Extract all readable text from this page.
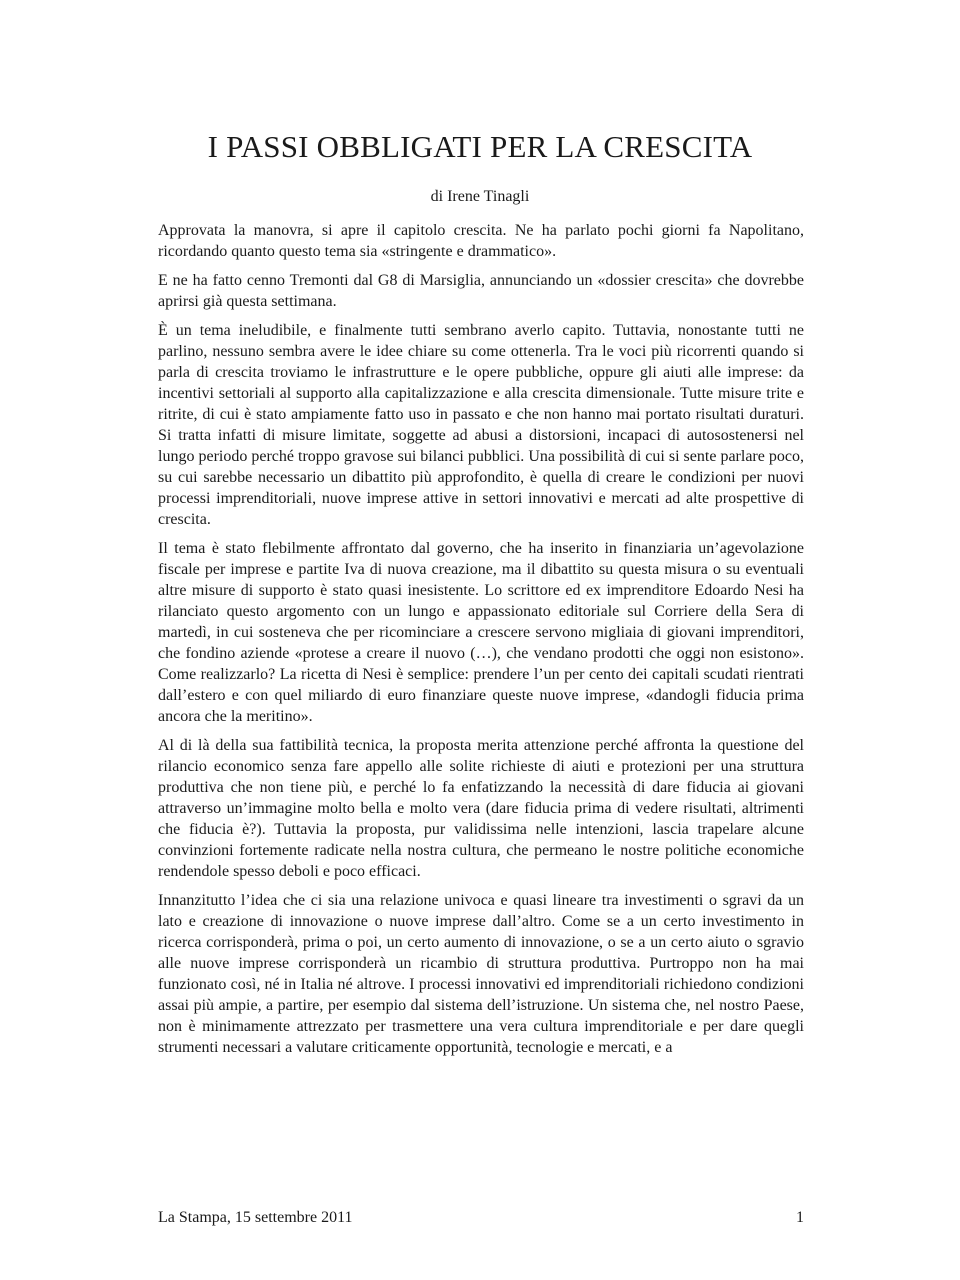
I PASSI OBBLIGATI PER LA CRESCITA
di Irene Tinagli

Approvata la manovra, si apre il capitolo crescita. Ne ha parlato pochi giorni fa Napolitano, ricordando quanto questo tema sia «stringente e drammatico».

E ne ha fatto cenno Tremonti dal G8 di Marsiglia, annunciando un «dossier crescita» che dovrebbe aprirsi già questa settimana.

È un tema ineludibile, e finalmente tutti sembrano averlo capito. Tuttavia, nonostante tutti ne parlino, nessuno sembra avere le idee chiare su come ottenerla. Tra le voci più ricorrenti quando si parla di crescita troviamo le infrastrutture e le opere pubbliche, oppure gli aiuti alle imprese: da incentivi settoriali al supporto alla capitalizzazione e alla crescita dimensionale. Tutte misure trite e ritrite, di cui è stato ampiamente fatto uso in passato e che non hanno mai portato risultati duraturi. Si tratta infatti di misure limitate, soggette ad abusi a distorsioni, incapaci di autosostenersi nel lungo periodo perché troppo gravose sui bilanci pubblici. Una possibilità di cui si sente parlare poco, su cui sarebbe necessario un dibattito più approfondito, è quella di creare le condizioni per nuovi processi imprenditoriali, nuove imprese attive in settori innovativi e mercati ad alte prospettive di crescita.

Il tema è stato flebilmente affrontato dal governo, che ha inserito in finanziaria un’agevolazione fiscale per imprese e partite Iva di nuova creazione, ma il dibattito su questa misura o su eventuali altre misure di supporto è stato quasi inesistente. Lo scrittore ed ex imprenditore Edoardo Nesi ha rilanciato questo argomento con un lungo e appassionato editoriale sul Corriere della Sera di martedì, in cui sosteneva che per ricominciare a crescere servono migliaia di giovani imprenditori, che fondino aziende «protese a creare il nuovo (…), che vendano prodotti che oggi non esistono». Come realizzarlo? La ricetta di Nesi è semplice: prendere l’un per cento dei capitali scudati rientrati dall’estero e con quel miliardo di euro finanziare queste nuove imprese, «dandogli fiducia prima ancora che la meritino».

Al di là della sua fattibilità tecnica, la proposta merita attenzione perché affronta la questione del rilancio economico senza fare appello alle solite richieste di aiuti e protezioni per una struttura produttiva che non tiene più, e perché lo fa enfatizzando la necessità di dare fiducia ai giovani attraverso un’immagine molto bella e molto vera (dare fiducia prima di vedere risultati, altrimenti che fiducia è?). Tuttavia la proposta, pur validissima nelle intenzioni, lascia trapelare alcune convinzioni fortemente radicate nella nostra cultura, che permeano le nostre politiche economiche rendendole spesso deboli e poco efficaci.

Innanzitutto l’idea che ci sia una relazione univoca e quasi lineare tra investimenti o sgravi da un lato e creazione di innovazione o nuove imprese dall’altro. Come se a un certo investimento in ricerca corrisponderà, prima o poi, un certo aumento di innovazione, o se a un certo aiuto o sgravio alle nuove imprese corrisponderà un ricambio di struttura produttiva. Purtroppo non ha mai funzionato così, né in Italia né altrove. I processi innovativi ed imprenditoriali richiedono condizioni assai più ampie, a partire, per esempio dal sistema dell’istruzione. Un sistema che, nel nostro Paese, non è minimamente attrezzato per trasmettere una vera cultura imprenditoriale e per dare quegli strumenti necessari a valutare criticamente opportunità, tecnologie e mercati, e a

La Stampa, 15 settembre 2011	1
